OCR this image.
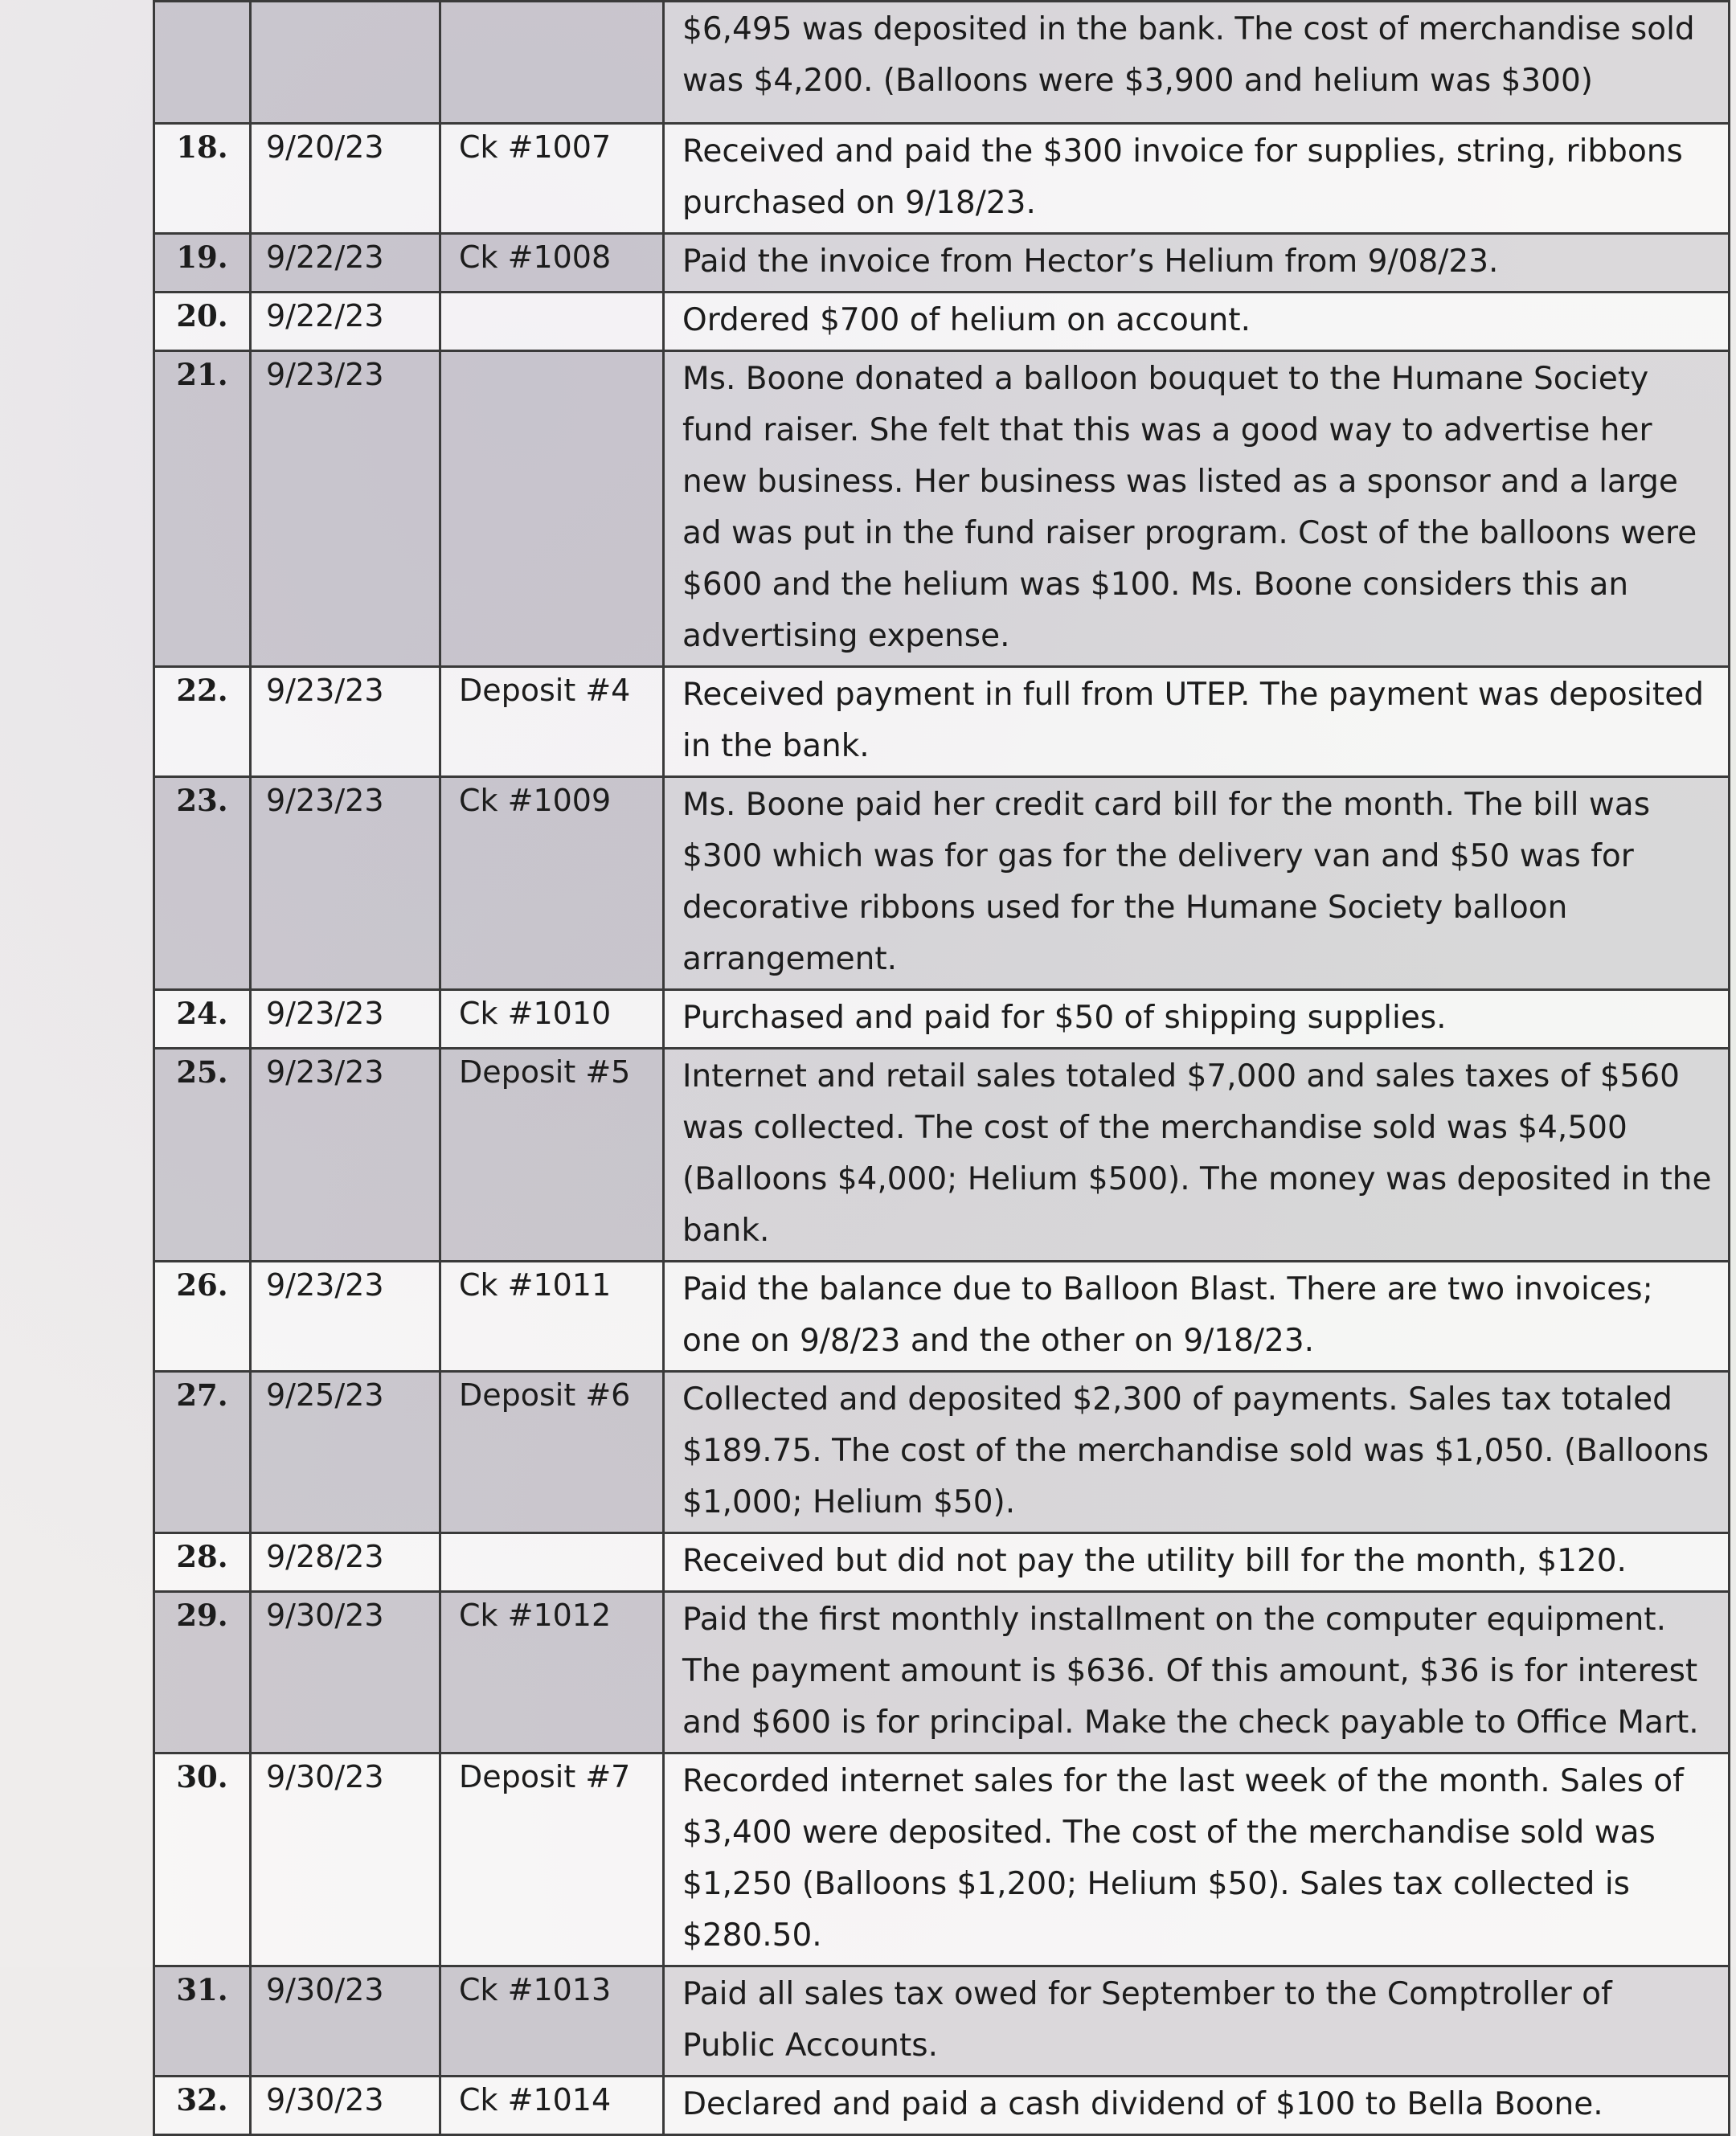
			$6,495 was deposited in the bank. The cost of merchandise sold was $4,200. (Balloons were $3,900 and helium was $300)
18.	9/20/23	Ck #1007	Received and paid the $300 invoice for supplies, string, ribbons purchased on 9/18/23.
19.	9/22/23	Ck #1008	Paid the invoice from Hector’s Helium from 9/08/23.
20.	9/22/23		Ordered $700 of helium on account.
21.	9/23/23		Ms. Boone donated a balloon bouquet to the Humane Society fund raiser. She felt that this was a good way to advertise her new business. Her business was listed as a sponsor and a large ad was put in the fund raiser program. Cost of the balloons were $600 and the helium was $100. Ms. Boone considers this an advertising expense.
22.	9/23/23	Deposit #4	Received payment in full from UTEP. The payment was deposited in the bank.
23.	9/23/23	Ck #1009	Ms. Boone paid her credit card bill for the month. The bill was $300 which was for gas for the delivery van and $50 was for decorative ribbons used for the Humane Society balloon arrangement.
24.	9/23/23	Ck #1010	Purchased and paid for $50 of shipping supplies.
25.	9/23/23	Deposit #5	Internet and retail sales totaled $7,000 and sales taxes of $560 was collected. The cost of the merchandise sold was $4,500 (Balloons $4,000; Helium $500). The money was deposited in the bank.
26.	9/23/23	Ck #1011	Paid the balance due to Balloon Blast. There are two invoices; one on 9/8/23 and the other on 9/18/23.
27.	9/25/23	Deposit #6	Collected and deposited $2,300 of payments. Sales tax totaled $189.75. The cost of the merchandise sold was $1,050. (Balloons $1,000; Helium $50).
28.	9/28/23		Received but did not pay the utility bill for the month, $120.
29.	9/30/23	Ck #1012	Paid the first monthly installment on the computer equipment. The payment amount is $636. Of this amount, $36 is for interest and $600 is for principal. Make the check payable to Office Mart.
30.	9/30/23	Deposit #7	Recorded internet sales for the last week of the month. Sales of $3,400 were deposited. The cost of the merchandise sold was $1,250 (Balloons $1,200; Helium $50). Sales tax collected is $280.50.
31.	9/30/23	Ck #1013	Paid all sales tax owed for September to the Comptroller of Public Accounts.
32.	9/30/23	Ck #1014	Declared and paid a cash dividend of $100 to Bella Boone.
